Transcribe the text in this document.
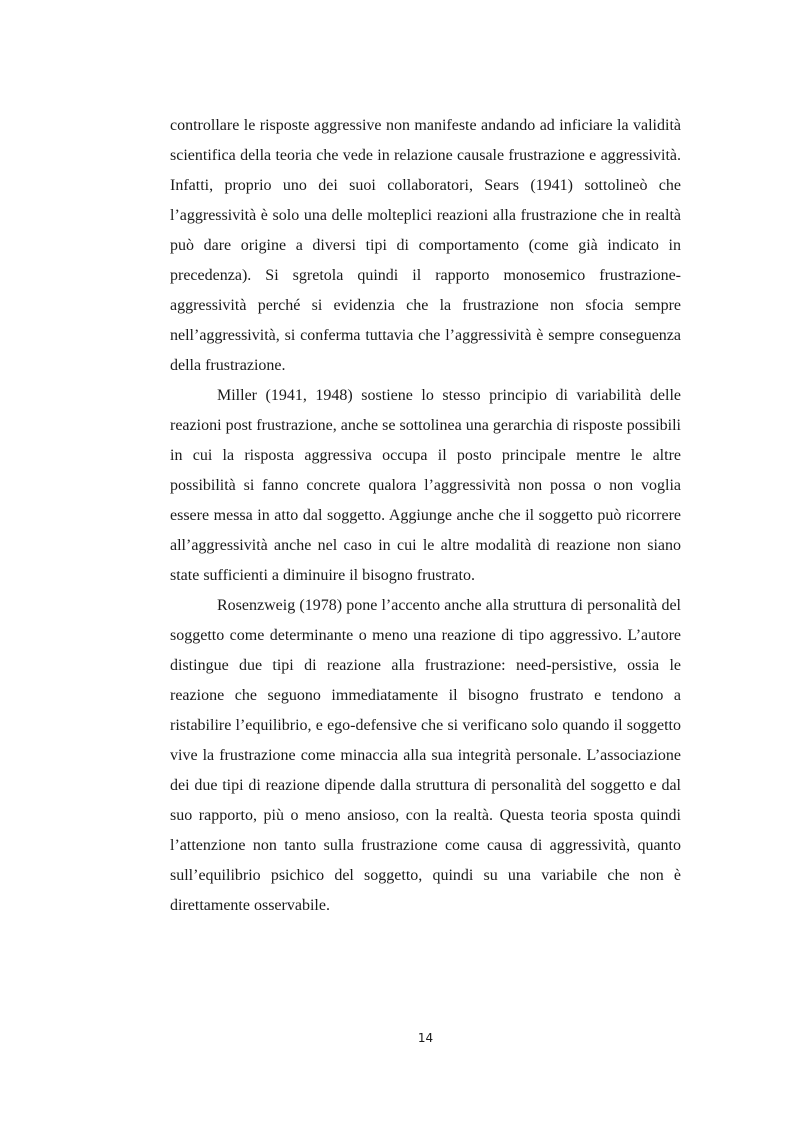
controllare le risposte aggressive non manifeste andando ad inficiare la validità scientifica della teoria che vede in relazione causale frustrazione e aggressività. Infatti, proprio uno dei suoi collaboratori, Sears (1941) sottolineò che l’aggressività è solo una delle molteplici reazioni alla frustrazione che in realtà può dare origine a diversi tipi di comportamento (come già indicato in precedenza). Si sgretola quindi il rapporto monosemico frustrazione-aggressività perché si evidenzia che la frustrazione non sfocia sempre nell’aggressività, si conferma tuttavia che l’aggressività è sempre conseguenza della frustrazione.

Miller (1941, 1948) sostiene lo stesso principio di variabilità delle reazioni post frustrazione, anche se sottolinea una gerarchia di risposte possibili in cui la risposta aggressiva occupa il posto principale mentre le altre possibilità si fanno concrete qualora l’aggressività non possa o non voglia essere messa in atto dal soggetto. Aggiunge anche che il soggetto può ricorrere all’aggressività anche nel caso in cui le altre modalità di reazione non siano state sufficienti a diminuire il bisogno frustrato.

Rosenzweig (1978) pone l’accento anche alla struttura di personalità del soggetto come determinante o meno una reazione di tipo aggressivo. L’autore distingue due tipi di reazione alla frustrazione: need-persistive, ossia le reazione che seguono immediatamente il bisogno frustrato e tendono a ristabilire l’equilibrio, e ego-defensive che si verificano solo quando il soggetto vive la frustrazione come minaccia alla sua integrità personale. L’associazione dei due tipi di reazione dipende dalla struttura di personalità del soggetto e dal suo rapporto, più o meno ansioso, con la realtà. Questa teoria sposta quindi l’attenzione non tanto sulla frustrazione come causa di aggressività, quanto sull’equilibrio psichico del soggetto, quindi su una variabile che non è direttamente osservabile.

14
